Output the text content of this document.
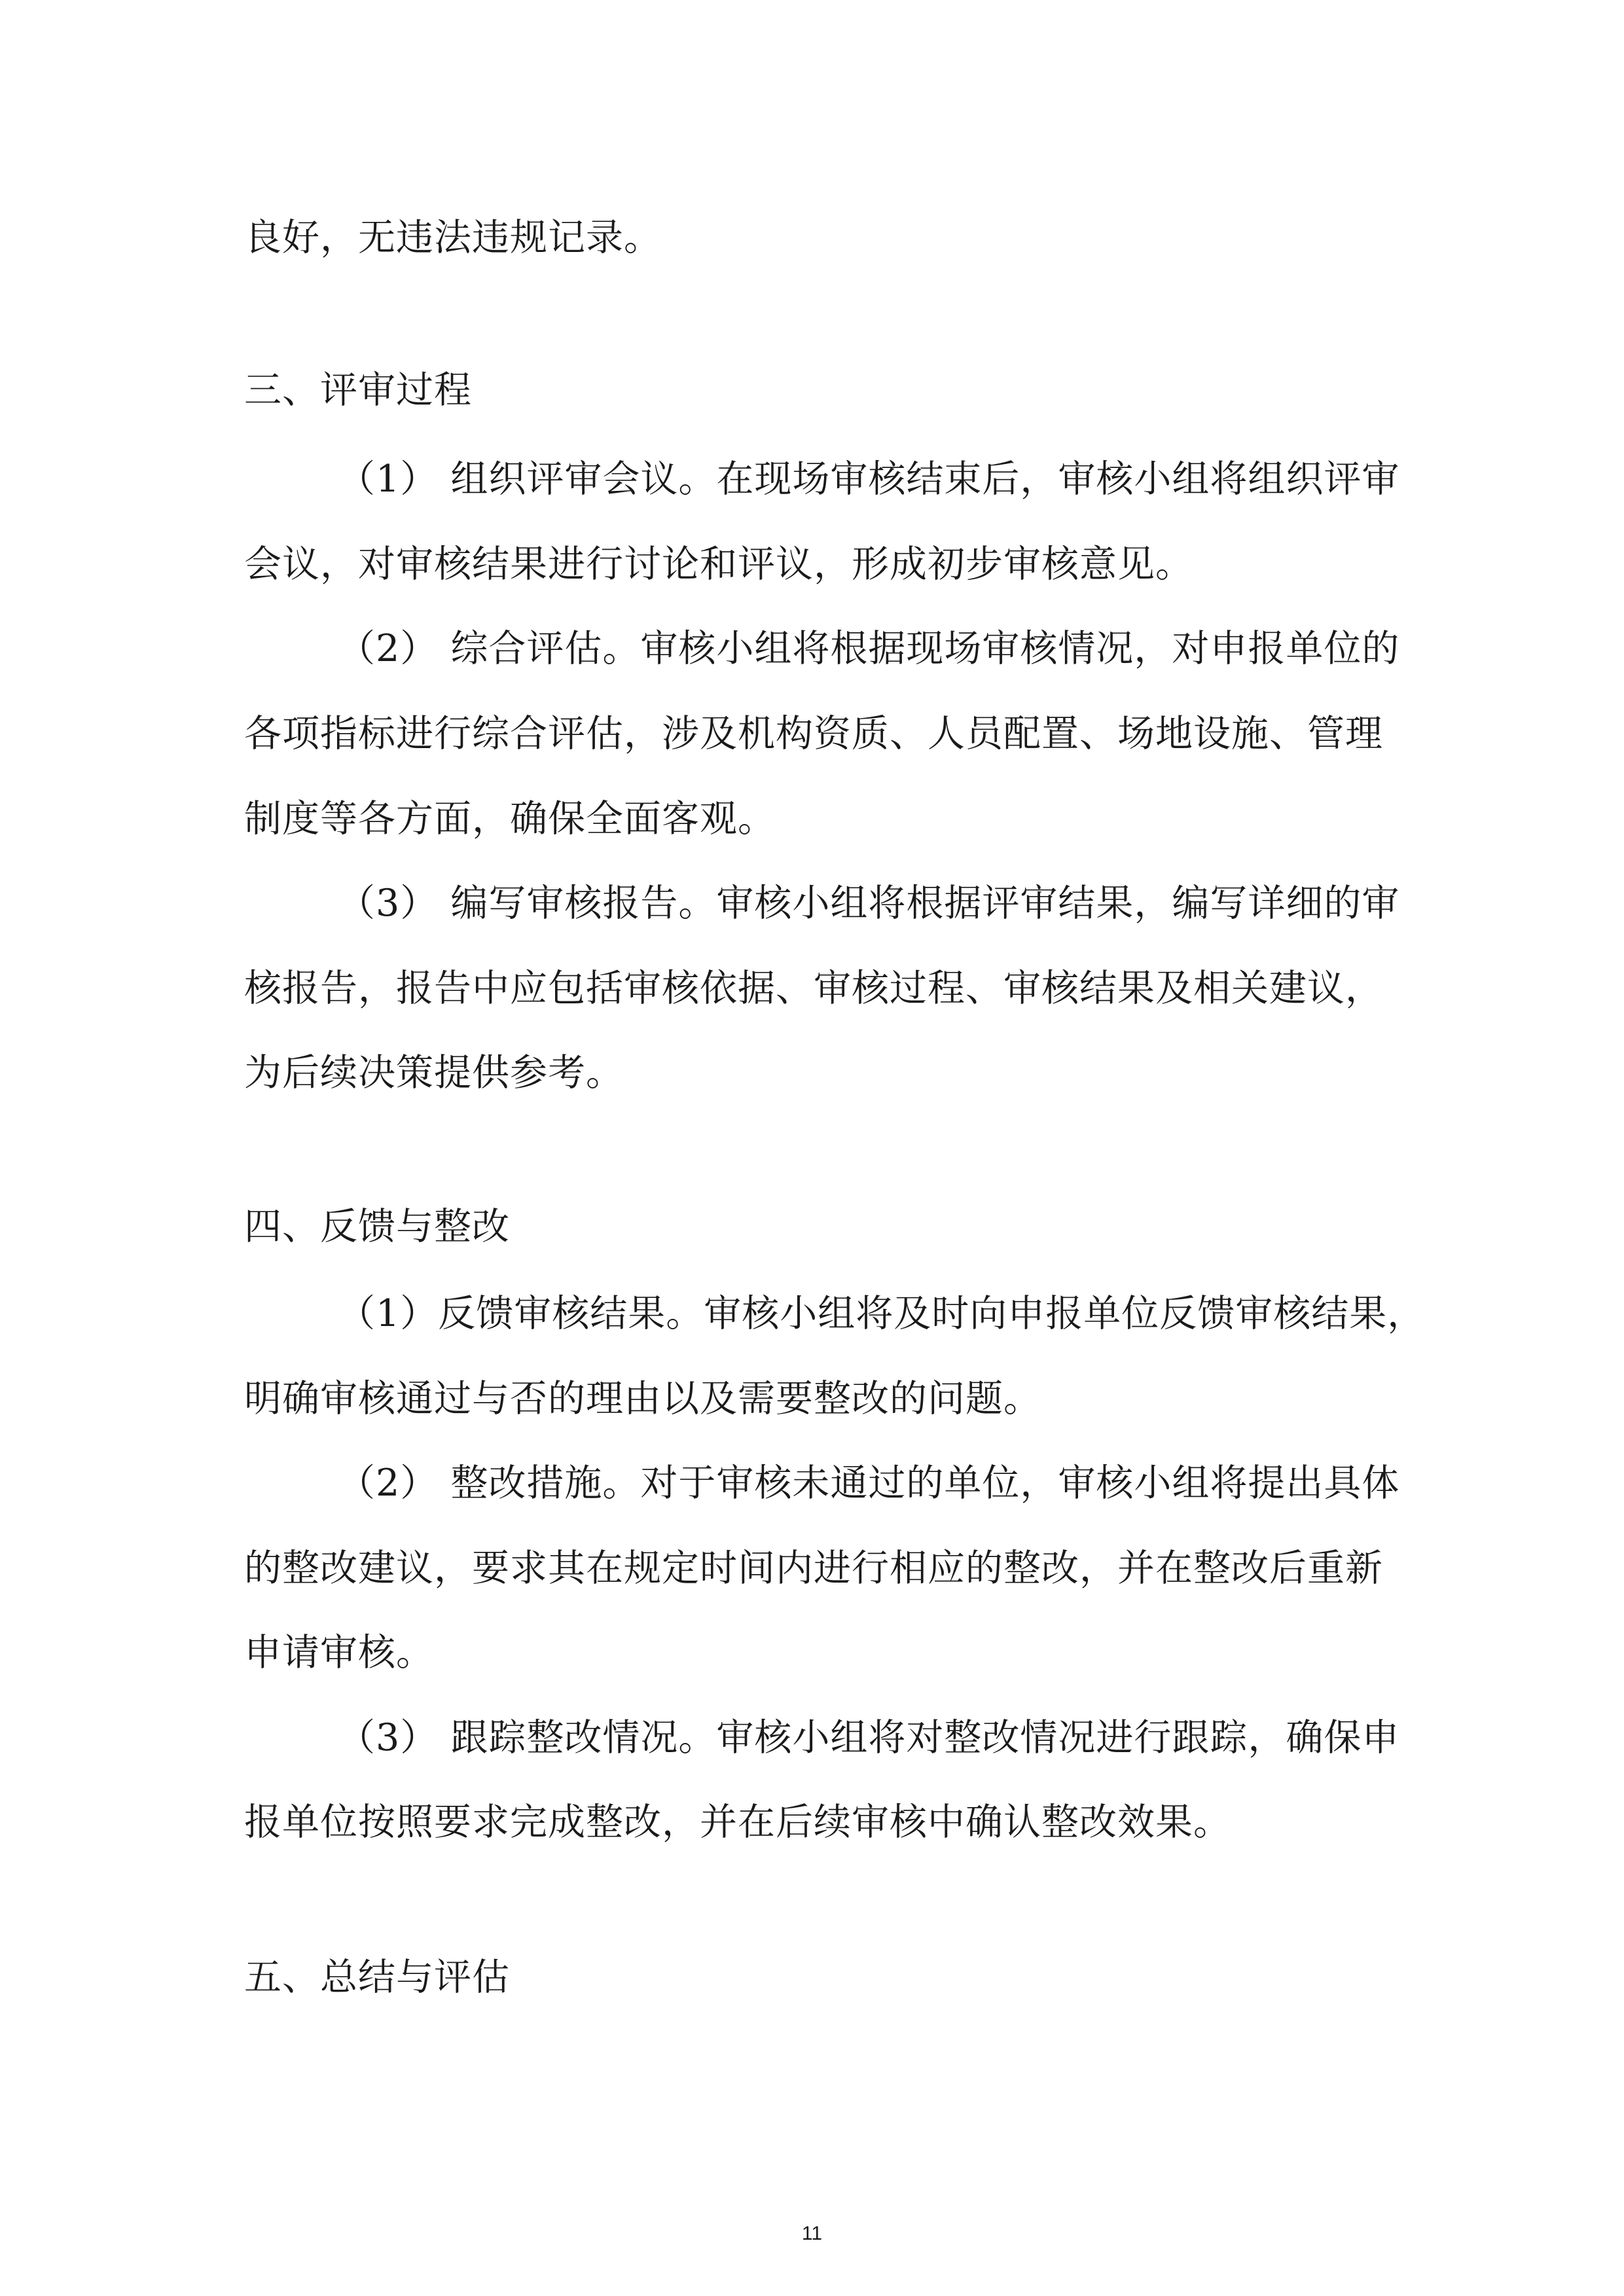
良好，无违法违规记录。
三、评审过程
（1） 组织评审会议。在现场审核结束后，审核小组将组织评审
会议，对审核结果进行讨论和评议，形成初步审核意见。
（2） 综合评估。审核小组将根据现场审核情况，对申报单位的
各项指标进行综合评估，涉及机构资质、人员配置、场地设施、管理
制度等各方面，确保全面客观。
（3） 编写审核报告。审核小组将根据评审结果，编写详细的审
核报告，报告中应包括审核依据、审核过程、审核结果及相关建议，
为后续决策提供参考。
四、反馈与整改
（1）反馈审核结果。审核小组将及时向申报单位反馈审核结果，
明确审核通过与否的理由以及需要整改的问题。
（2） 整改措施。对于审核未通过的单位，审核小组将提出具体
的整改建议，要求其在规定时间内进行相应的整改，并在整改后重新
申请审核。
（3） 跟踪整改情况。审核小组将对整改情况进行跟踪，确保申
报单位按照要求完成整改，并在后续审核中确认整改效果。
五、总结与评估
11
